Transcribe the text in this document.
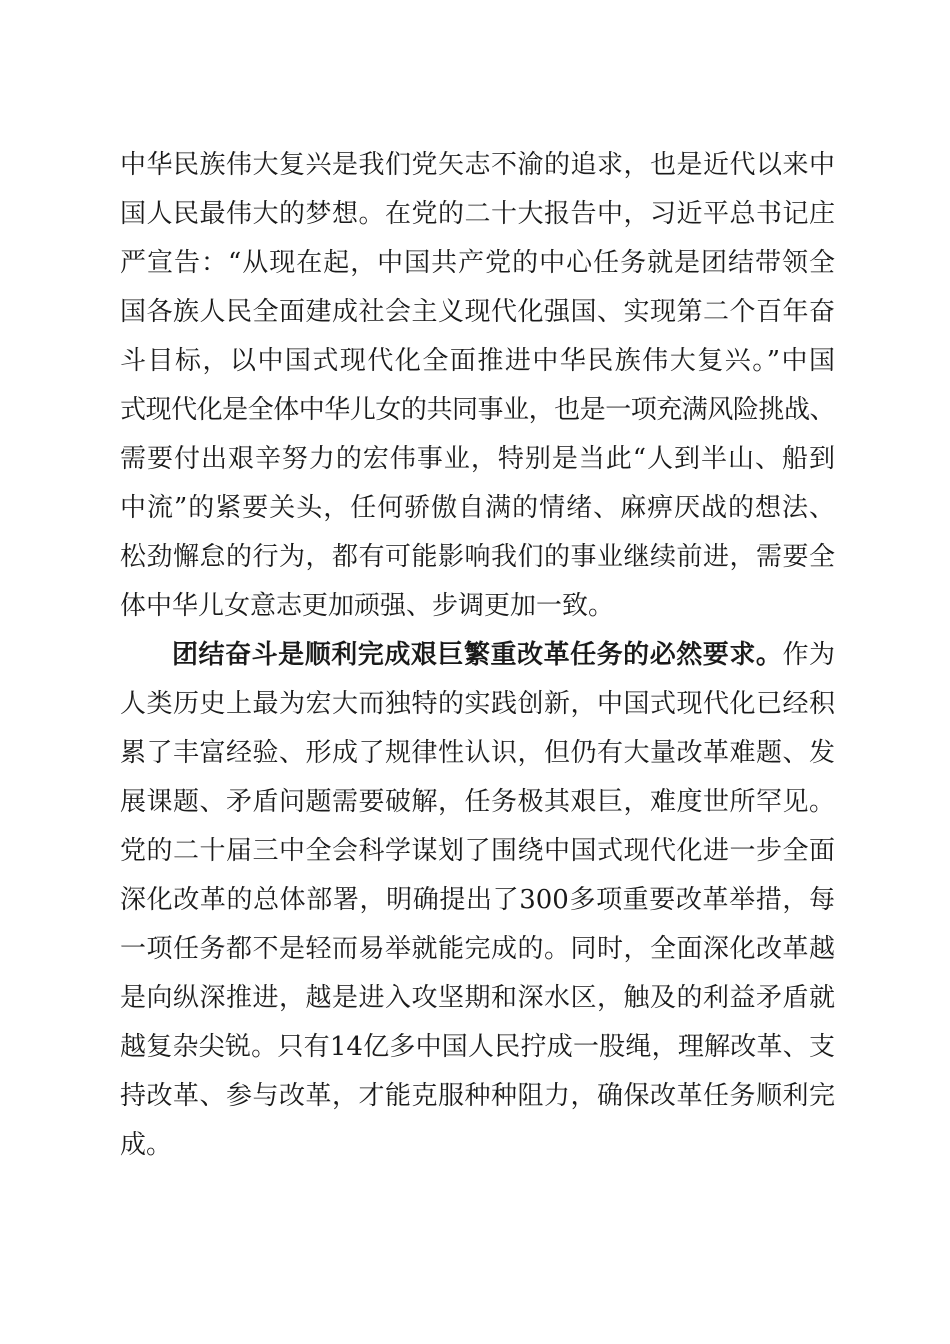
中华民族伟大复兴是我们党矢志不渝的追求，也是近代以来中
国人民最伟大的梦想。在党的二十大报告中，习近平总书记庄
严宣告：“从现在起，中国共产党的中心任务就是团结带领全
国各族人民全面建成社会主义现代化强国、实现第二个百年奋
斗目标，以中国式现代化全面推进中华民族伟大复兴。”中国
式现代化是全体中华儿女的共同事业，也是一项充满风险挑战、
需要付出艰辛努力的宏伟事业，特别是当此“人到半山、船到
中流”的紧要关头，任何骄傲自满的情绪、麻痹厌战的想法、
松劲懈怠的行为，都有可能影响我们的事业继续前进，需要全
体中华儿女意志更加顽强、步调更加一致。
团结奋斗是顺利完成艰巨繁重改革任务的必然要求。作为
人类历史上最为宏大而独特的实践创新，中国式现代化已经积
累了丰富经验、形成了规律性认识，但仍有大量改革难题、发
展课题、矛盾问题需要破解，任务极其艰巨，难度世所罕见。
党的二十届三中全会科学谋划了围绕中国式现代化进一步全面
深化改革的总体部署，明确提出了300多项重要改革举措，每
一项任务都不是轻而易举就能完成的。同时，全面深化改革越
是向纵深推进，越是进入攻坚期和深水区，触及的利益矛盾就
越复杂尖锐。只有14亿多中国人民拧成一股绳，理解改革、支
持改革、参与改革，才能克服种种阻力，确保改革任务顺利完
成。
